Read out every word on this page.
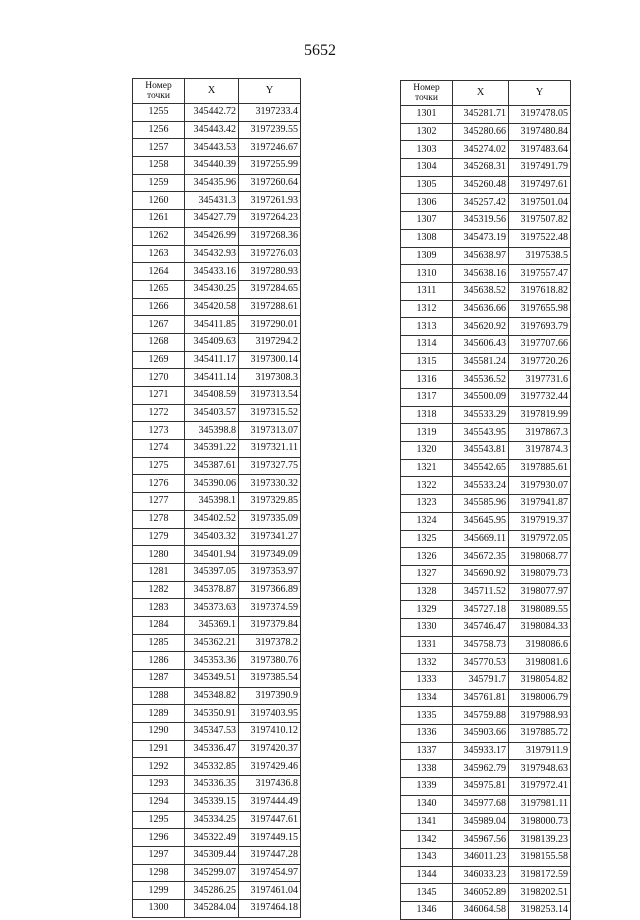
5652
Номер
точки	X	Y
1255	345442.72	3197233.4
1256	345443.42	3197239.55
1257	345443.53	3197246.67
1258	345440.39	3197255.99
1259	345435.96	3197260.64
1260	345431.3	3197261.93
1261	345427.79	3197264.23
1262	345426.99	3197268.36
1263	345432.93	3197276.03
1264	345433.16	3197280.93
1265	345430.25	3197284.65
1266	345420.58	3197288.61
1267	345411.85	3197290.01
1268	345409.63	3197294.2
1269	345411.17	3197300.14
1270	345411.14	3197308.3
1271	345408.59	3197313.54
1272	345403.57	3197315.52
1273	345398.8	3197313.07
1274	345391.22	3197321.11
1275	345387.61	3197327.75
1276	345390.06	3197330.32
1277	345398.1	3197329.85
1278	345402.52	3197335.09
1279	345403.32	3197341.27
1280	345401.94	3197349.09
1281	345397.05	3197353.97
1282	345378.87	3197366.89
1283	345373.63	3197374.59
1284	345369.1	3197379.84
1285	345362.21	3197378.2
1286	345353.36	3197380.76
1287	345349.51	3197385.54
1288	345348.82	3197390.9
1289	345350.91	3197403.95
1290	345347.53	3197410.12
1291	345336.47	3197420.37
1292	345332.85	3197429.46
1293	345336.35	3197436.8
1294	345339.15	3197444.49
1295	345334.25	3197447.61
1296	345322.49	3197449.15
1297	345309.44	3197447.28
1298	345299.07	3197454.97
1299	345286.25	3197461.04
1300	345284.04	3197464.18
Номер
точки	X	Y
1301	345281.71	3197478.05
1302	345280.66	3197480.84
1303	345274.02	3197483.64
1304	345268.31	3197491.79
1305	345260.48	3197497.61
1306	345257.42	3197501.04
1307	345319.56	3197507.82
1308	345473.19	3197522.48
1309	345638.97	3197538.5
1310	345638.16	3197557.47
1311	345638.52	3197618.82
1312	345636.66	3197655.98
1313	345620.92	3197693.79
1314	345606.43	3197707.66
1315	345581.24	3197720.26
1316	345536.52	3197731.6
1317	345500.09	3197732.44
1318	345533.29	3197819.99
1319	345543.95	3197867.3
1320	345543.81	3197874.3
1321	345542.65	3197885.61
1322	345533.24	3197930.07
1323	345585.96	3197941.87
1324	345645.95	3197919.37
1325	345669.11	3197972.05
1326	345672.35	3198068.77
1327	345690.92	3198079.73
1328	345711.52	3198077.97
1329	345727.18	3198089.55
1330	345746.47	3198084.33
1331	345758.73	3198086.6
1332	345770.53	3198081.6
1333	345791.7	3198054.82
1334	345761.81	3198006.79
1335	345759.88	3197988.93
1336	345903.66	3197885.72
1337	345933.17	3197911.9
1338	345962.79	3197948.63
1339	345975.81	3197972.41
1340	345977.68	3197981.11
1341	345989.04	3198000.73
1342	345967.56	3198139.23
1343	346011.23	3198155.58
1344	346033.23	3198172.59
1345	346052.89	3198202.51
1346	346064.58	3198253.14
